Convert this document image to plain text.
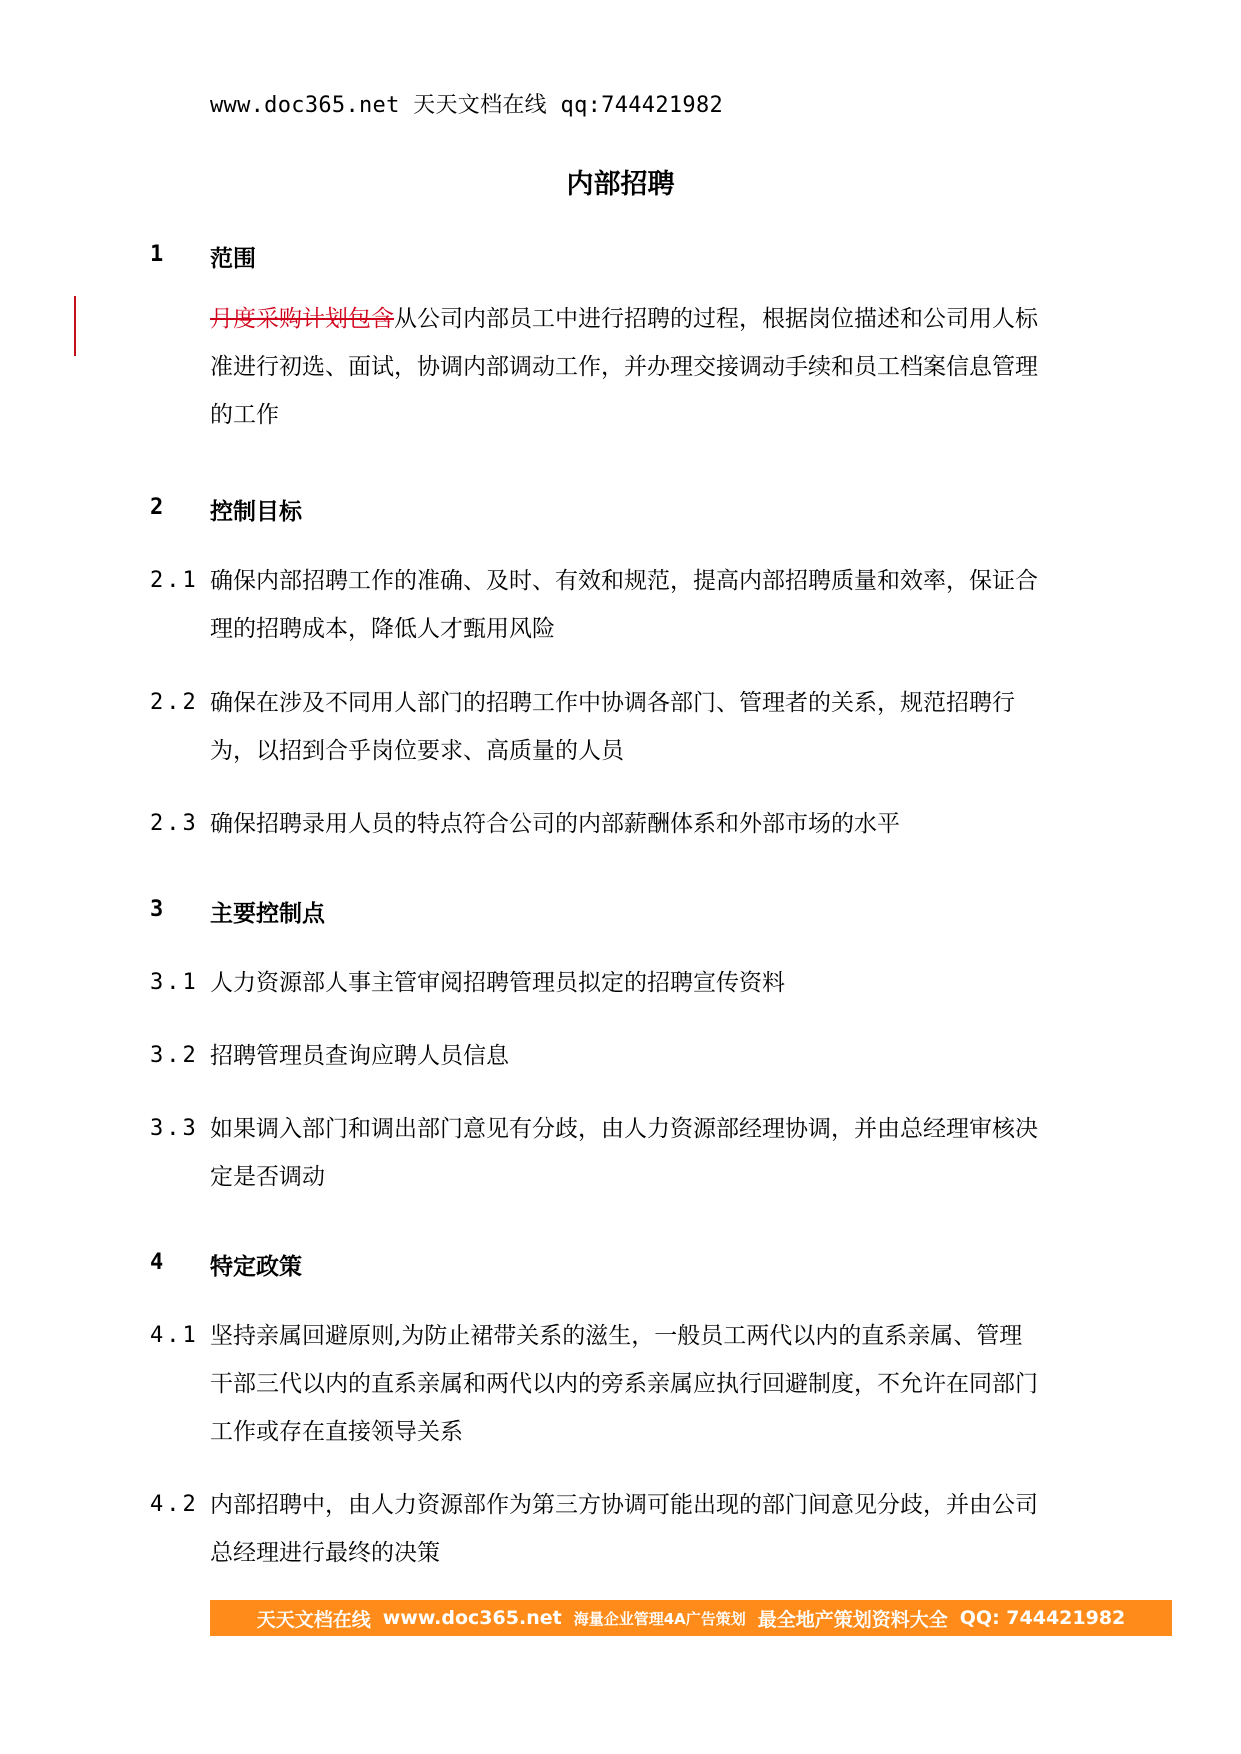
www.doc365.net 天天文档在线 qq:744421982
内部招聘
1 范围
月度采购计划包含从公司内部员工中进行招聘的过程，根据岗位描述和公司用人标
准进行初选、面试，协调内部调动工作，并办理交接调动手续和员工档案信息管理
的工作
2 控制目标
2.1 确保内部招聘工作的准确、及时、有效和规范，提高内部招聘质量和效率，保证合
理的招聘成本，降低人才甄用风险
2.2 确保在涉及不同用人部门的招聘工作中协调各部门、管理者的关系，规范招聘行
为，以招到合乎岗位要求、高质量的人员
2.3 确保招聘录用人员的特点符合公司的内部薪酬体系和外部市场的水平
3 主要控制点
3.1 人力资源部人事主管审阅招聘管理员拟定的招聘宣传资料
3.2 招聘管理员查询应聘人员信息
3.3 如果调入部门和调出部门意见有分歧，由人力资源部经理协调，并由总经理审核决
定是否调动
4 特定政策
4.1 坚持亲属回避原则,为防止裙带关系的滋生，一般员工两代以内的直系亲属、管理
干部三代以内的直系亲属和两代以内的旁系亲属应执行回避制度，不允许在同部门
工作或存在直接领导关系
4.2 内部招聘中，由人力资源部作为第三方协调可能出现的部门间意见分歧，并由公司
总经理进行最终的决策
天天文档在线 www.doc365.net 海量企业管理4A广告策划 最全地产策划资料大全 QQ: 744421982
